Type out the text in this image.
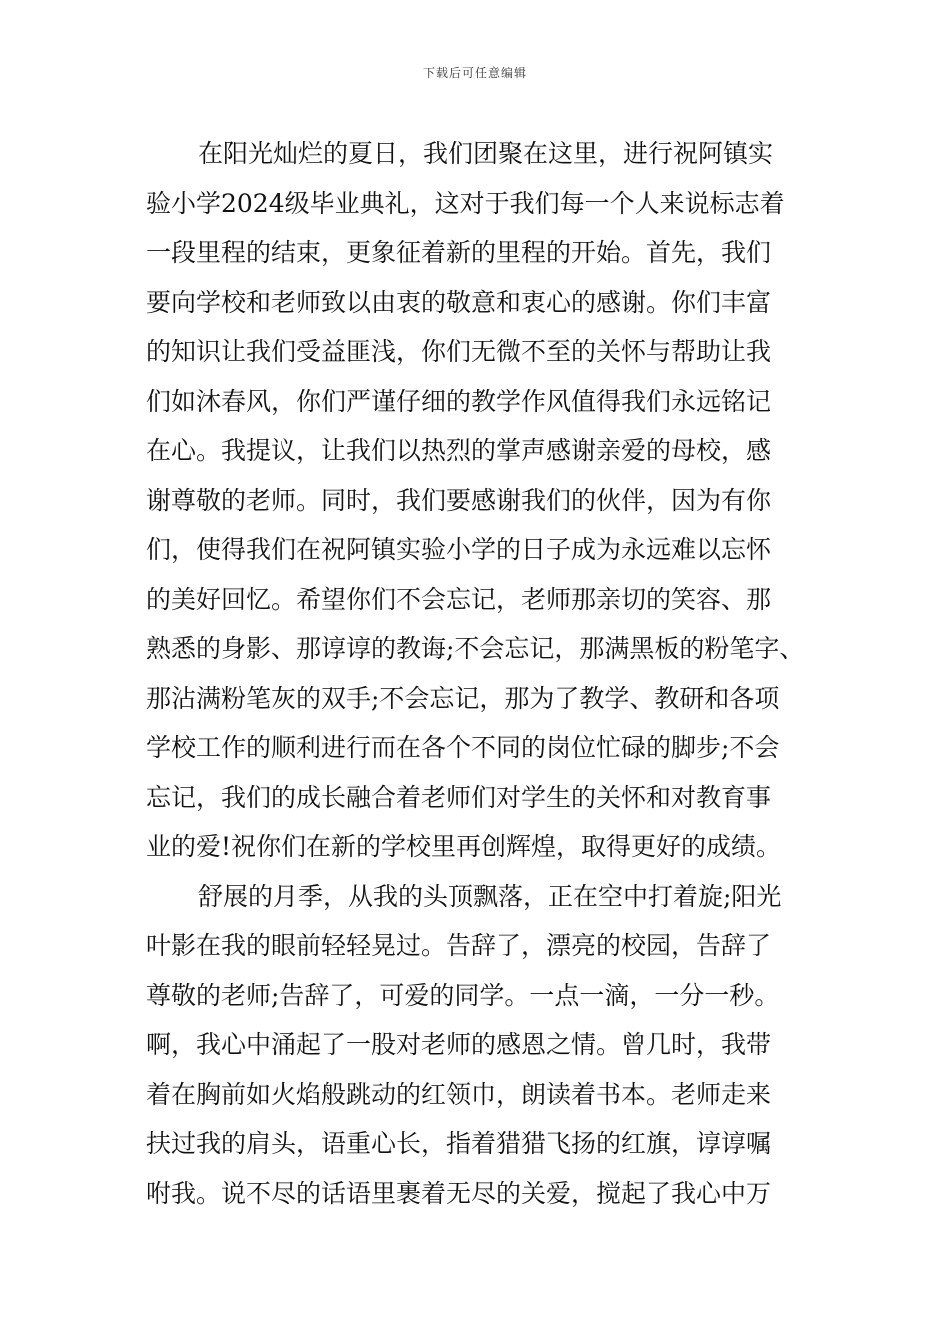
下载后可任意编辑
在阳光灿烂的夏日，我们团聚在这里，进行祝阿镇实
验小学2024级毕业典礼，这对于我们每一个人来说标志着
一段里程的结束，更象征着新的里程的开始。首先，我们
要向学校和老师致以由衷的敬意和衷心的感谢。你们丰富
的知识让我们受益匪浅，你们无微不至的关怀与帮助让我
们如沐春风，你们严谨仔细的教学作风值得我们永远铭记
在心。我提议，让我们以热烈的掌声感谢亲爱的母校，感
谢尊敬的老师。同时，我们要感谢我们的伙伴，因为有你
们，使得我们在祝阿镇实验小学的日子成为永远难以忘怀
的美好回忆。希望你们不会忘记，老师那亲切的笑容、那
熟悉的身影、那谆谆的教诲;不会忘记，那满黑板的粉笔字、
那沾满粉笔灰的双手;不会忘记，那为了教学、教研和各项
学校工作的顺利进行而在各个不同的岗位忙碌的脚步;不会
忘记，我们的成长融合着老师们对学生的关怀和对教育事
业的爱!祝你们在新的学校里再创辉煌，取得更好的成绩。
舒展的月季，从我的头顶飘落，正在空中打着旋;阳光
叶影在我的眼前轻轻晃过。告辞了，漂亮的校园，告辞了
尊敬的老师;告辞了，可爱的同学。一点一滴，一分一秒。
啊，我心中涌起了一股对老师的感恩之情。曾几时，我带
着在胸前如火焰般跳动的红领巾，朗读着书本。老师走来
扶过我的肩头，语重心长，指着猎猎飞扬的红旗，谆谆嘱
咐我。说不尽的话语里裹着无尽的关爱，搅起了我心中万
